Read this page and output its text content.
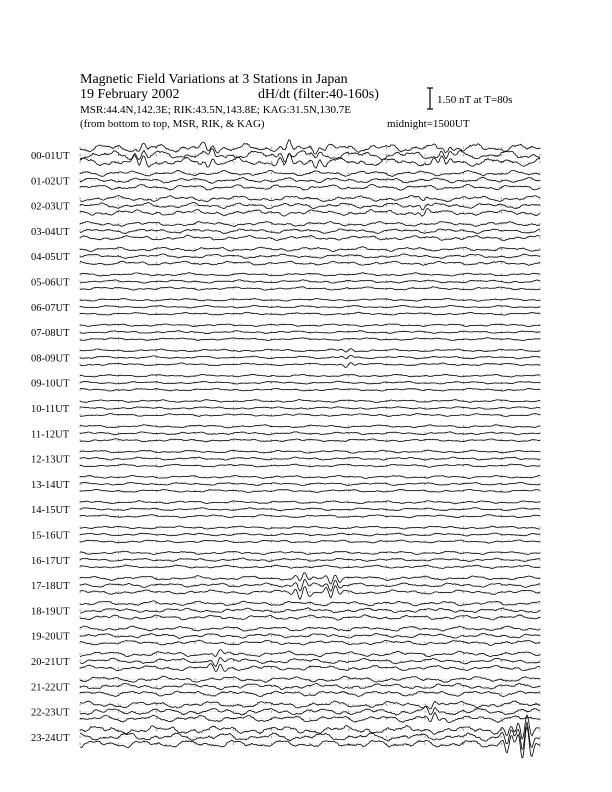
Magnetic Field Variations at 3 Stations in Japan
19 February 2002	dH/dt (filter:40-160s)
MSR:44.4N,142.3E; RIK:43.5N,143.8E; KAG:31.5N,130.7E
(from bottom to top, MSR, RIK, & KAG)	midnight=1500UT
1.50 nT at T=80s
00-01UT
01-02UT
02-03UT
03-04UT
04-05UT
05-06UT
06-07UT
07-08UT
08-09UT
09-10UT
10-11UT
11-12UT
12-13UT
13-14UT
14-15UT
15-16UT
16-17UT
17-18UT
18-19UT
19-20UT
20-21UT
21-22UT
22-23UT
23-24UT
